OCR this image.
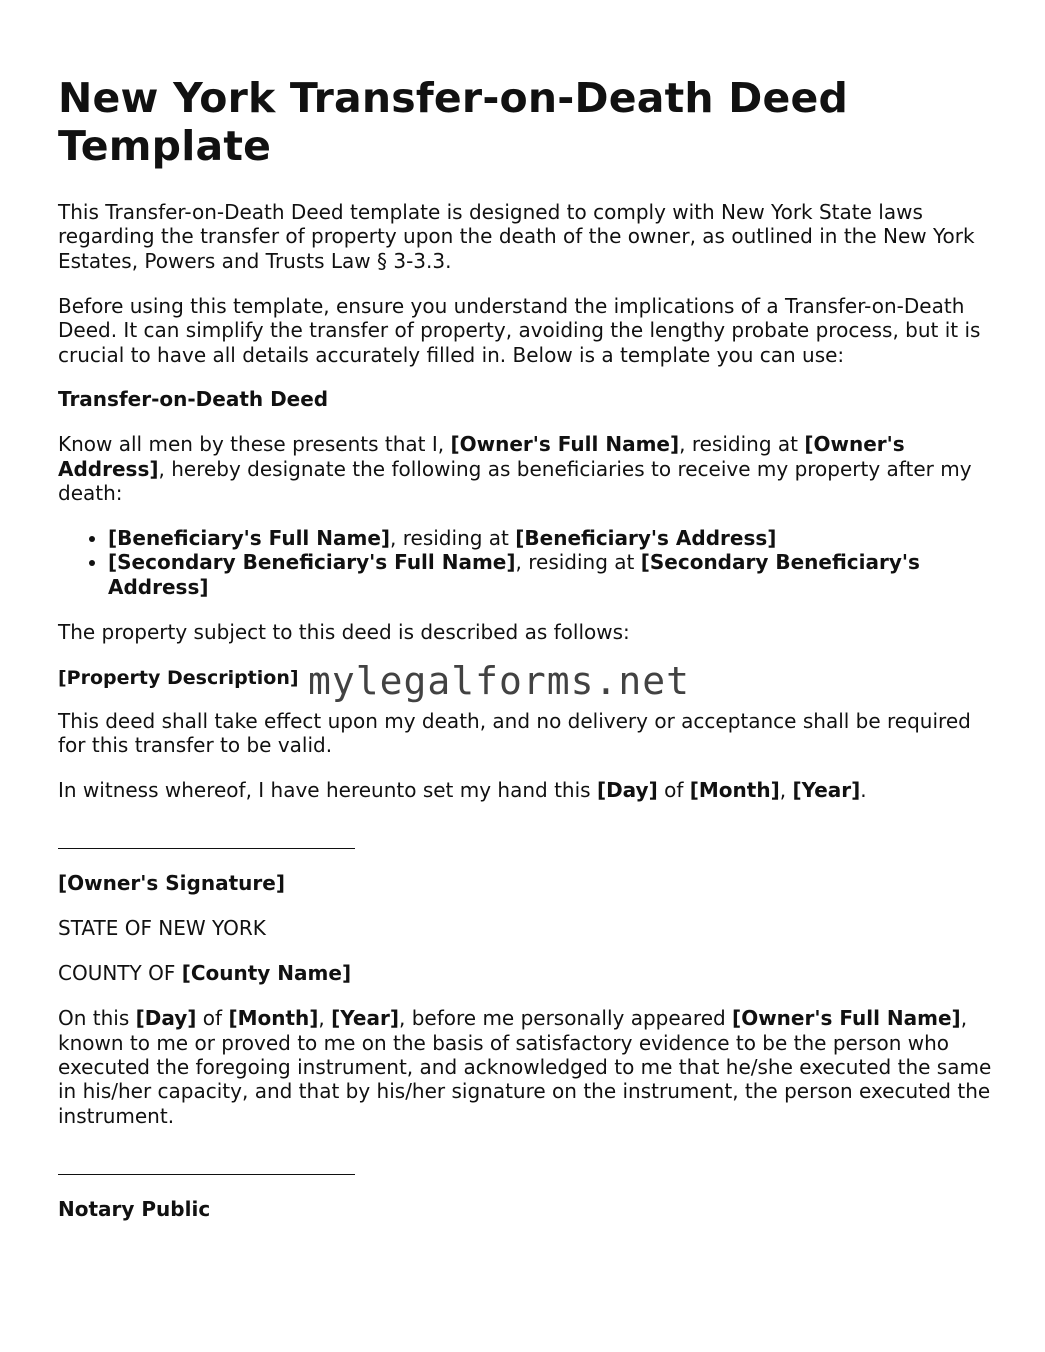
New York Transfer-on-Death Deed Template

This Transfer-on-Death Deed template is designed to comply with New York State laws regarding the transfer of property upon the death of the owner, as outlined in the New York Estates, Powers and Trusts Law § 3-3.3.

Before using this template, ensure you understand the implications of a Transfer-on-Death Deed. It can simplify the transfer of property, avoiding the lengthy probate process, but it is crucial to have all details accurately filled in. Below is a template you can use:

Transfer-on-Death Deed

Know all men by these presents that I, [Owner's Full Name], residing at [Owner's Address], hereby designate the following as beneficiaries to receive my property after my death:

• [Beneficiary's Full Name], residing at [Beneficiary's Address]
• [Secondary Beneficiary's Full Name], residing at [Secondary Beneficiary's Address]

The property subject to this deed is described as follows:

[Property Description] mylegalforms.net

This deed shall take effect upon my death, and no delivery or acceptance shall be required for this transfer to be valid.

In witness whereof, I have hereunto set my hand this [Day] of [Month], [Year].

[Owner's Signature]

STATE OF NEW YORK

COUNTY OF [County Name]

On this [Day] of [Month], [Year], before me personally appeared [Owner's Full Name], known to me or proved to me on the basis of satisfactory evidence to be the person who executed the foregoing instrument, and acknowledged to me that he/she executed the same in his/her capacity, and that by his/her signature on the instrument, the person executed the instrument.

Notary Public
